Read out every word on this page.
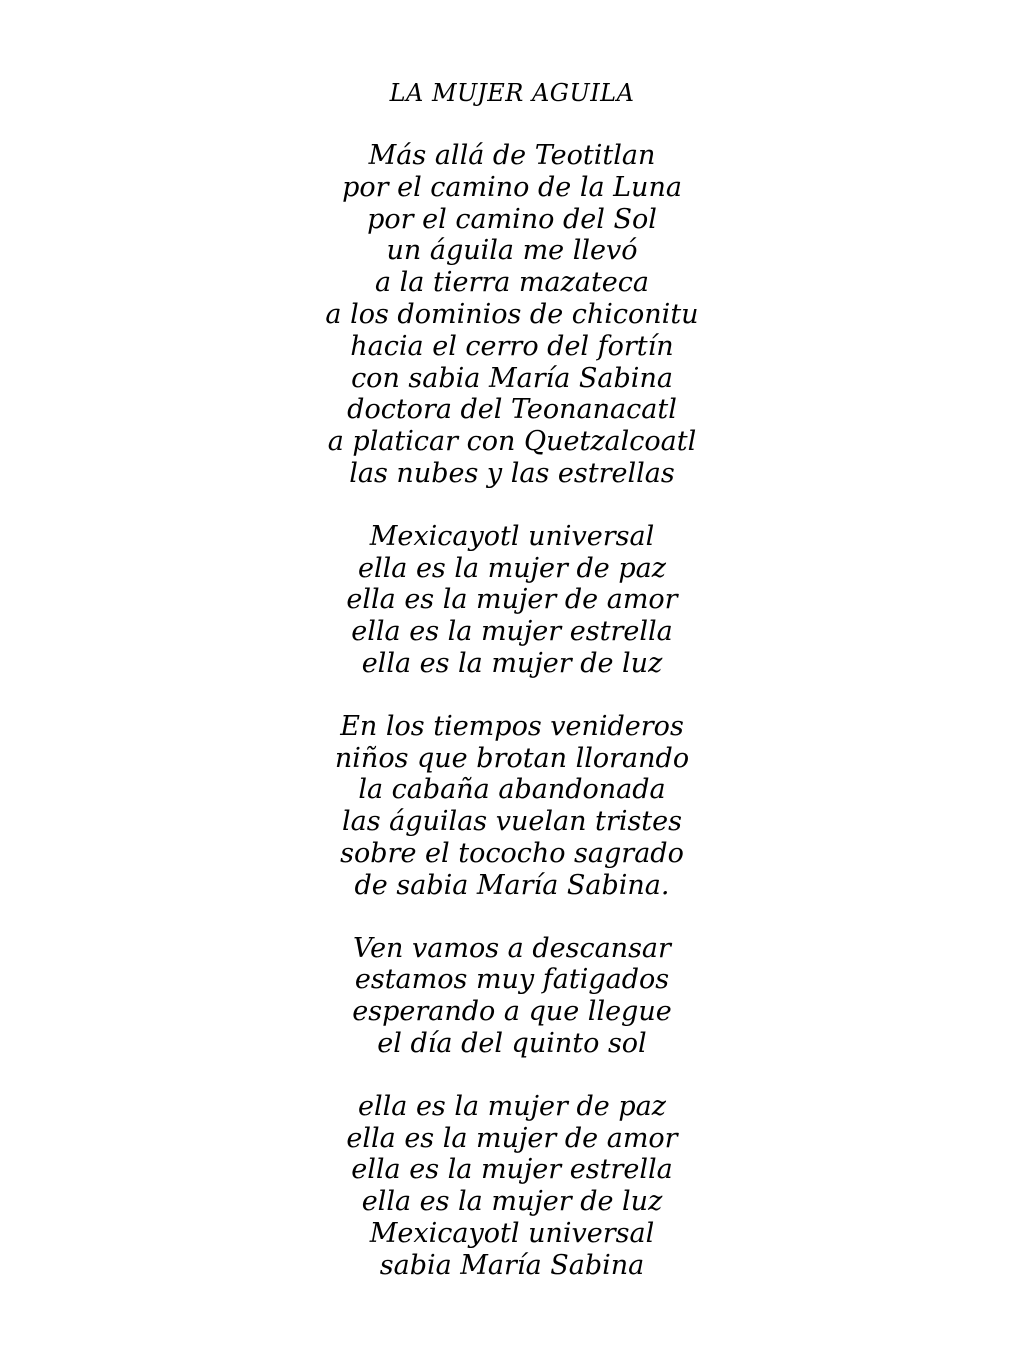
LA MUJER AGUILA
Más allá de Teotitlan
por el camino de la Luna
por el camino del Sol
un águila me llevó
a la tierra mazateca
a los dominios de chiconitu
hacia el cerro del fortín
con sabia María Sabina
doctora del Teonanacatl
a platicar con Quetzalcoatl
las nubes y las estrellas
Mexicayotl universal
ella es la mujer de paz
ella es la mujer de amor
ella es la mujer estrella
ella es la mujer de luz
En los tiempos venideros
niños que brotan llorando
la cabaña abandonada
las águilas vuelan tristes
sobre el tococho sagrado
de sabia María Sabina.
Ven vamos a descansar
estamos muy fatigados
esperando a que llegue
el día del quinto sol
ella es la mujer de paz
ella es la mujer de amor
ella es la mujer estrella
ella es la mujer de luz
Mexicayotl universal
sabia María Sabina
